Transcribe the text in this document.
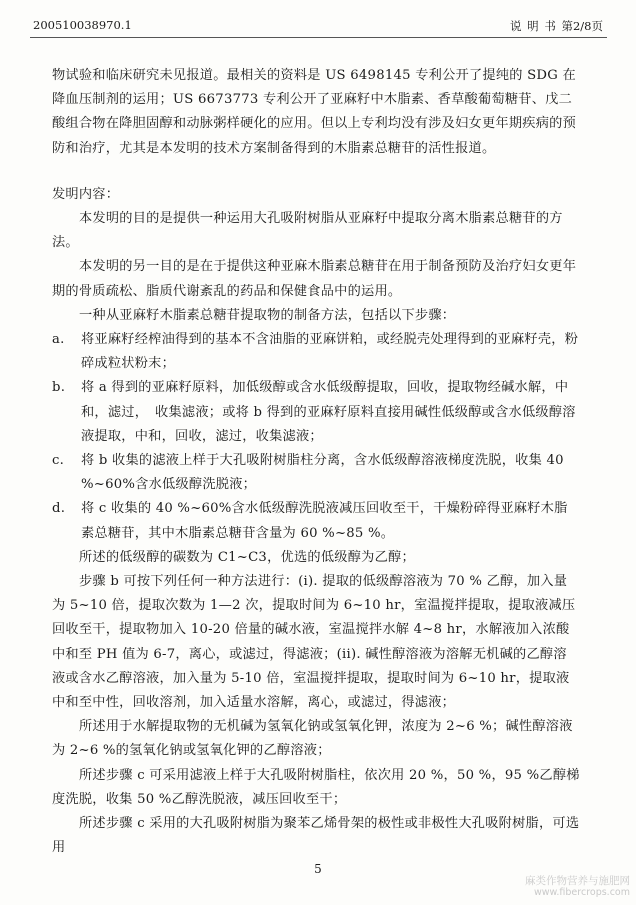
200510038970.1	说 明 书 第2/8页

物试验和临床研究未见报道。最相关的资料是 US 6498145 专利公开了提纯的 SDG 在降血压制剂的运用；US 6673773 专利公开了亚麻籽中木脂素、香草酸葡萄糖苷、戊二酸组合物在降胆固醇和动脉粥样硬化的应用。但以上专利均没有涉及妇女更年期疾病的预防和治疗，尤其是本发明的技术方案制备得到的木脂素总糖苷的活性报道。

发明内容：

本发明的目的是提供一种运用大孔吸附树脂从亚麻籽中提取分离木脂素总糖苷的方法。

本发明的另一目的是在于提供这种亚麻木脂素总糖苷在用于制备预防及治疗妇女更年期的骨质疏松、脂质代谢紊乱的药品和保健食品中的运用。

一种从亚麻籽木脂素总糖苷提取物的制备方法，包括以下步骤：

a. 将亚麻籽经榨油得到的基本不含油脂的亚麻饼粕，或经脱壳处理得到的亚麻籽壳，粉碎成粒状粉末；

b. 将 a 得到的亚麻籽原料，加低级醇或含水低级醇提取，回收，提取物经碱水解，中和，滤过，　收集滤液；或将 b 得到的亚麻籽原料直接用碱性低级醇或含水低级醇溶液提取，中和，回收，滤过，收集滤液；

c. 将 b 收集的滤液上样于大孔吸附树脂柱分离，含水低级醇溶液梯度洗脱，收集 40 %~60%含水低级醇洗脱液；

d. 将 c 收集的 40 %~60%含水低级醇洗脱液减压回收至干，干燥粉碎得亚麻籽木脂素总糖苷，其中木脂素总糖苷含量为 60 %~85 %。

所述的低级醇的碳数为 C1~C3，优选的低级醇为乙醇；

步骤 b 可按下列任何一种方法进行：(i). 提取的低级醇溶液为 70 % 乙醇，加入量为 5~10 倍，提取次数为 1—2 次，提取时间为 6~10 hr，室温搅拌提取，提取液减压回收至干，提取物加入 10-20 倍量的碱水液，室温搅拌水解 4~8 hr，水解液加入浓酸中和至 PH 值为 6-7，离心，或滤过，得滤液；(ii). 碱性醇溶液为溶解无机碱的乙醇溶液或含水乙醇溶液，加入量为 5-10 倍，室温搅拌提取，提取时间为 6~10 hr，提取液中和至中性，回收溶剂，加入适量水溶解，离心，或滤过，得滤液；

所述用于水解提取物的无机碱为氢氧化钠或氢氧化钾，浓度为 2~6 %；碱性醇溶液为 2~6 %的氢氧化钠或氢氧化钾的乙醇溶液；

所述步骤 c 可采用滤液上样于大孔吸附树脂柱，依次用 20 %，50 %，95 %乙醇梯度洗脱，收集 50 %乙醇洗脱液，减压回收至干；

所述步骤 c 采用的大孔吸附树脂为聚苯乙烯骨架的极性或非极性大孔吸附树脂，可选用

5
麻类作物营养与施肥网
www.fibercrops.com
